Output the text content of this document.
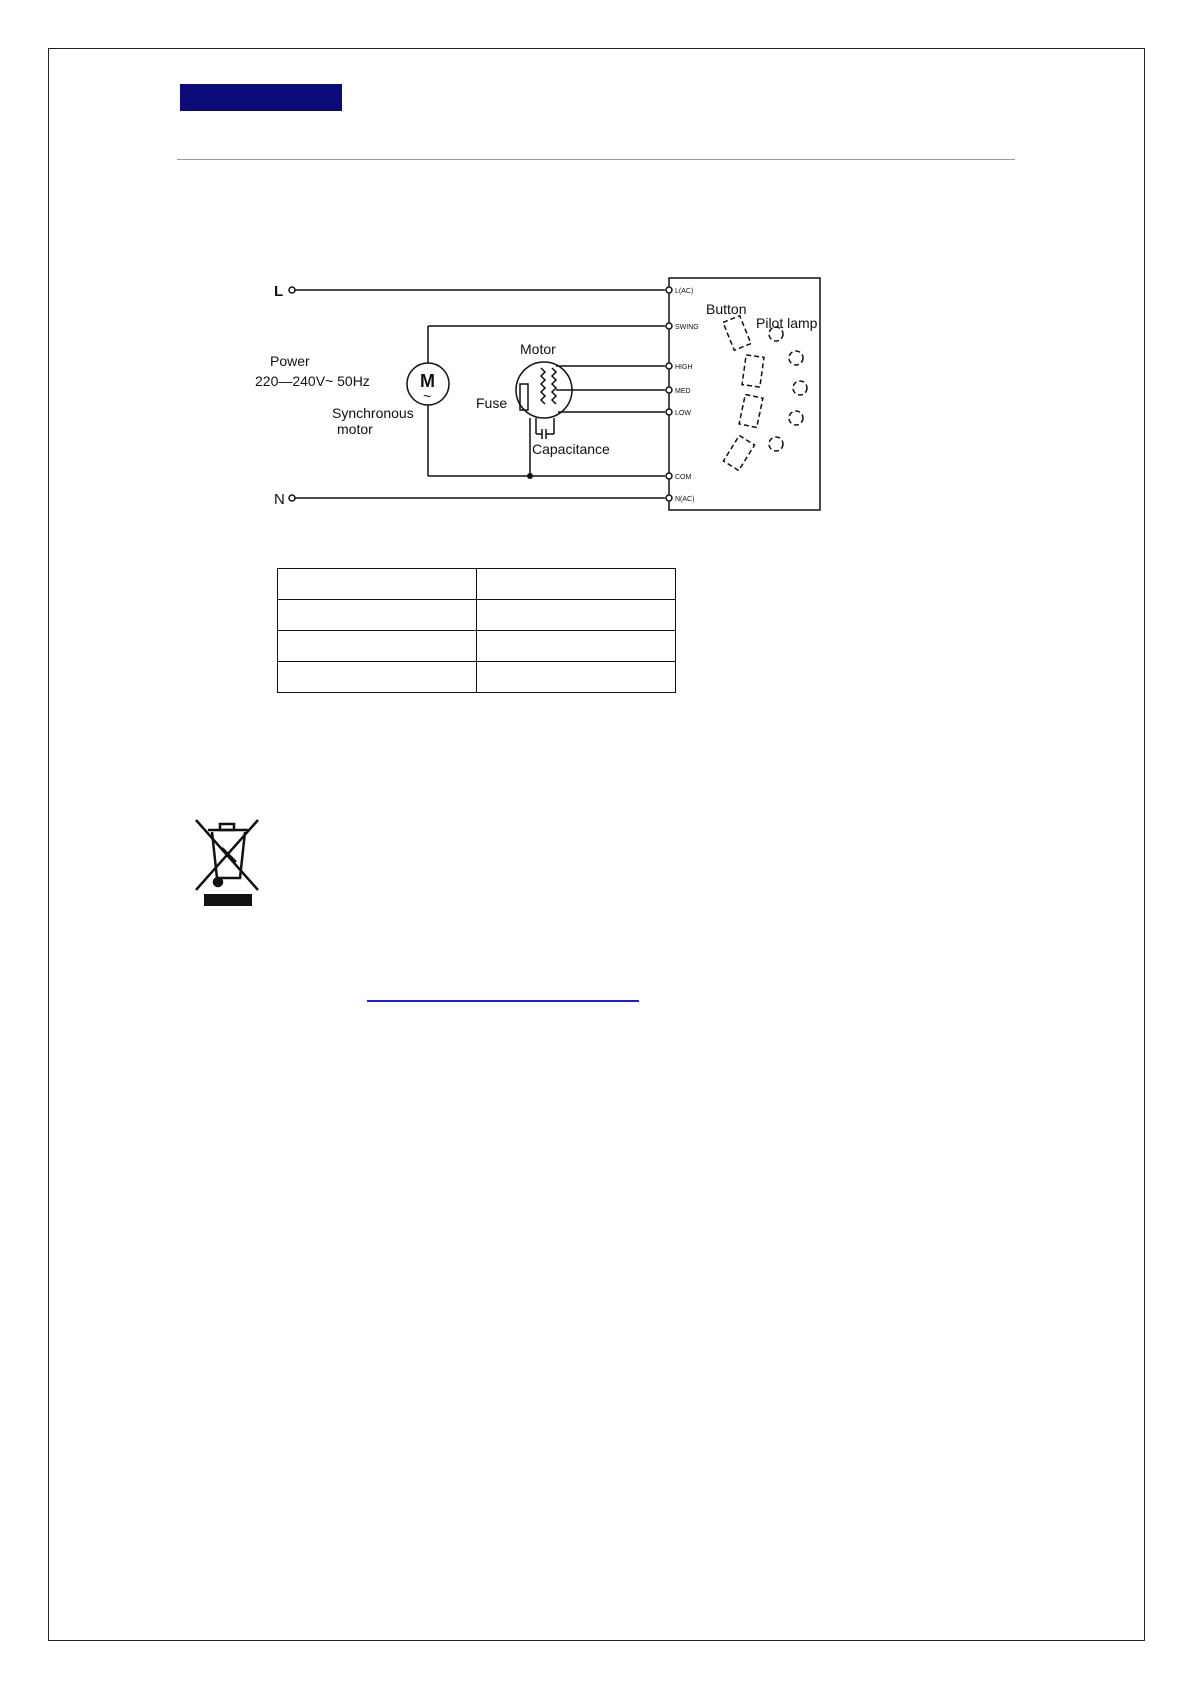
L
N
Power
220—240V~ 50Hz	M
~
Synchronous
motor
Motor
Fuse
Capacitance
Button
Pilot lamp
L(AC)
SWING
HIGH
MED
LOW
COM
N(AC)
